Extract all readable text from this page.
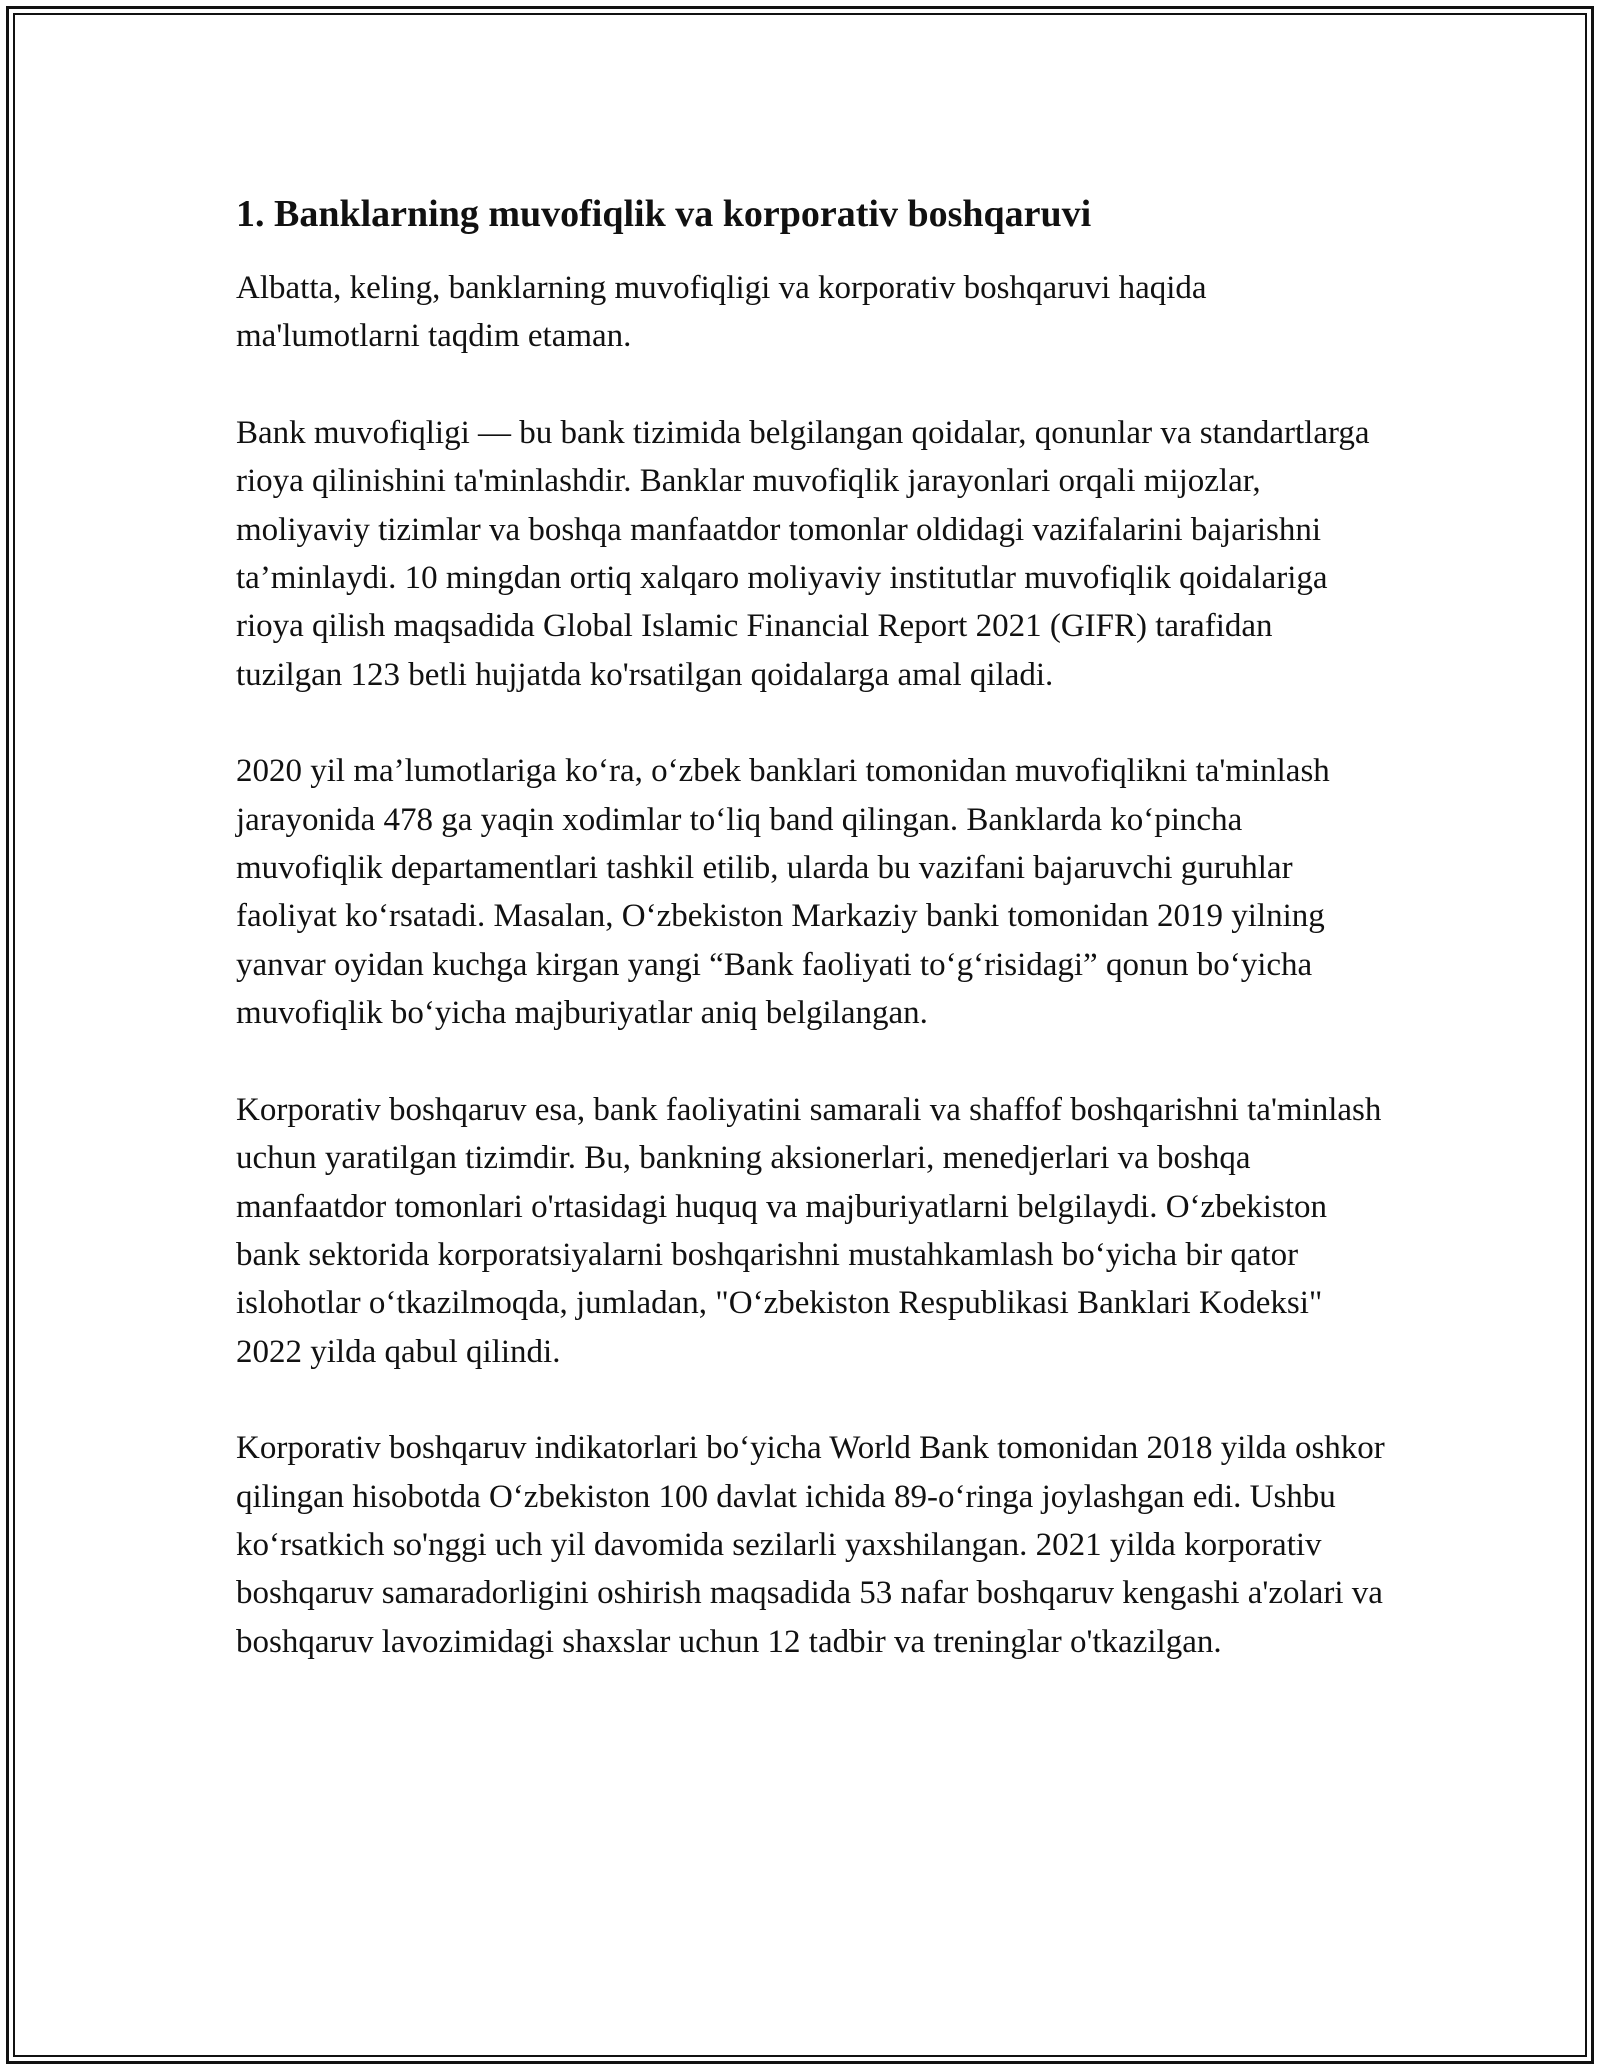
1. Banklarning muvofiqlik va korporativ boshqaruvi

Albatta, keling, banklarning muvofiqligi va korporativ boshqaruvi haqida ma'lumotlarni taqdim etaman.

Bank muvofiqligi — bu bank tizimida belgilangan qoidalar, qonunlar va standartlarga rioya qilinishini ta'minlashdir. Banklar muvofiqlik jarayonlari orqali mijozlar, moliyaviy tizimlar va boshqa manfaatdor tomonlar oldidagi vazifalarini bajarishni ta’minlaydi. 10 mingdan ortiq xalqaro moliyaviy institutlar muvofiqlik qoidalariga rioya qilish maqsadida Global Islamic Financial Report 2021 (GIFR) tarafidan tuzilgan 123 betli hujjatda ko'rsatilgan qoidalarga amal qiladi.

2020 yil ma’lumotlariga ko‘ra, o‘zbek banklari tomonidan muvofiqlikni ta'minlash jarayonida 478 ga yaqin xodimlar to‘liq band qilingan. Banklarda ko‘pincha muvofiqlik departamentlari tashkil etilib, ularda bu vazifani bajaruvchi guruhlar faoliyat ko‘rsatadi. Masalan, O‘zbekiston Markaziy banki tomonidan 2019 yilning yanvar oyidan kuchga kirgan yangi “Bank faoliyati to‘g‘risidagi” qonun bo‘yicha muvofiqlik bo‘yicha majburiyatlar aniq belgilangan.

Korporativ boshqaruv esa, bank faoliyatini samarali va shaffof boshqarishni ta'minlash uchun yaratilgan tizimdir. Bu, bankning aksionerlari, menedjerlari va boshqa manfaatdor tomonlari o'rtasidagi huquq va majburiyatlarni belgilaydi. O‘zbekiston bank sektorida korporatsiyalarni boshqarishni mustahkamlash bo‘yicha bir qator islohotlar o‘tkazilmoqda, jumladan, "O‘zbekiston Respublikasi Banklari Kodeksi" 2022 yilda qabul qilindi.

Korporativ boshqaruv indikatorlari bo‘yicha World Bank tomonidan 2018 yilda oshkor qilingan hisobotda O‘zbekiston 100 davlat ichida 89-o‘ringa joylashgan edi. Ushbu ko‘rsatkich so'nggi uch yil davomida sezilarli yaxshilangan. 2021 yilda korporativ boshqaruv samaradorligini oshirish maqsadida 53 nafar boshqaruv kengashi a'zolari va boshqaruv lavozimidagi shaxslar uchun 12 tadbir va treninglar o'tkazilgan.
